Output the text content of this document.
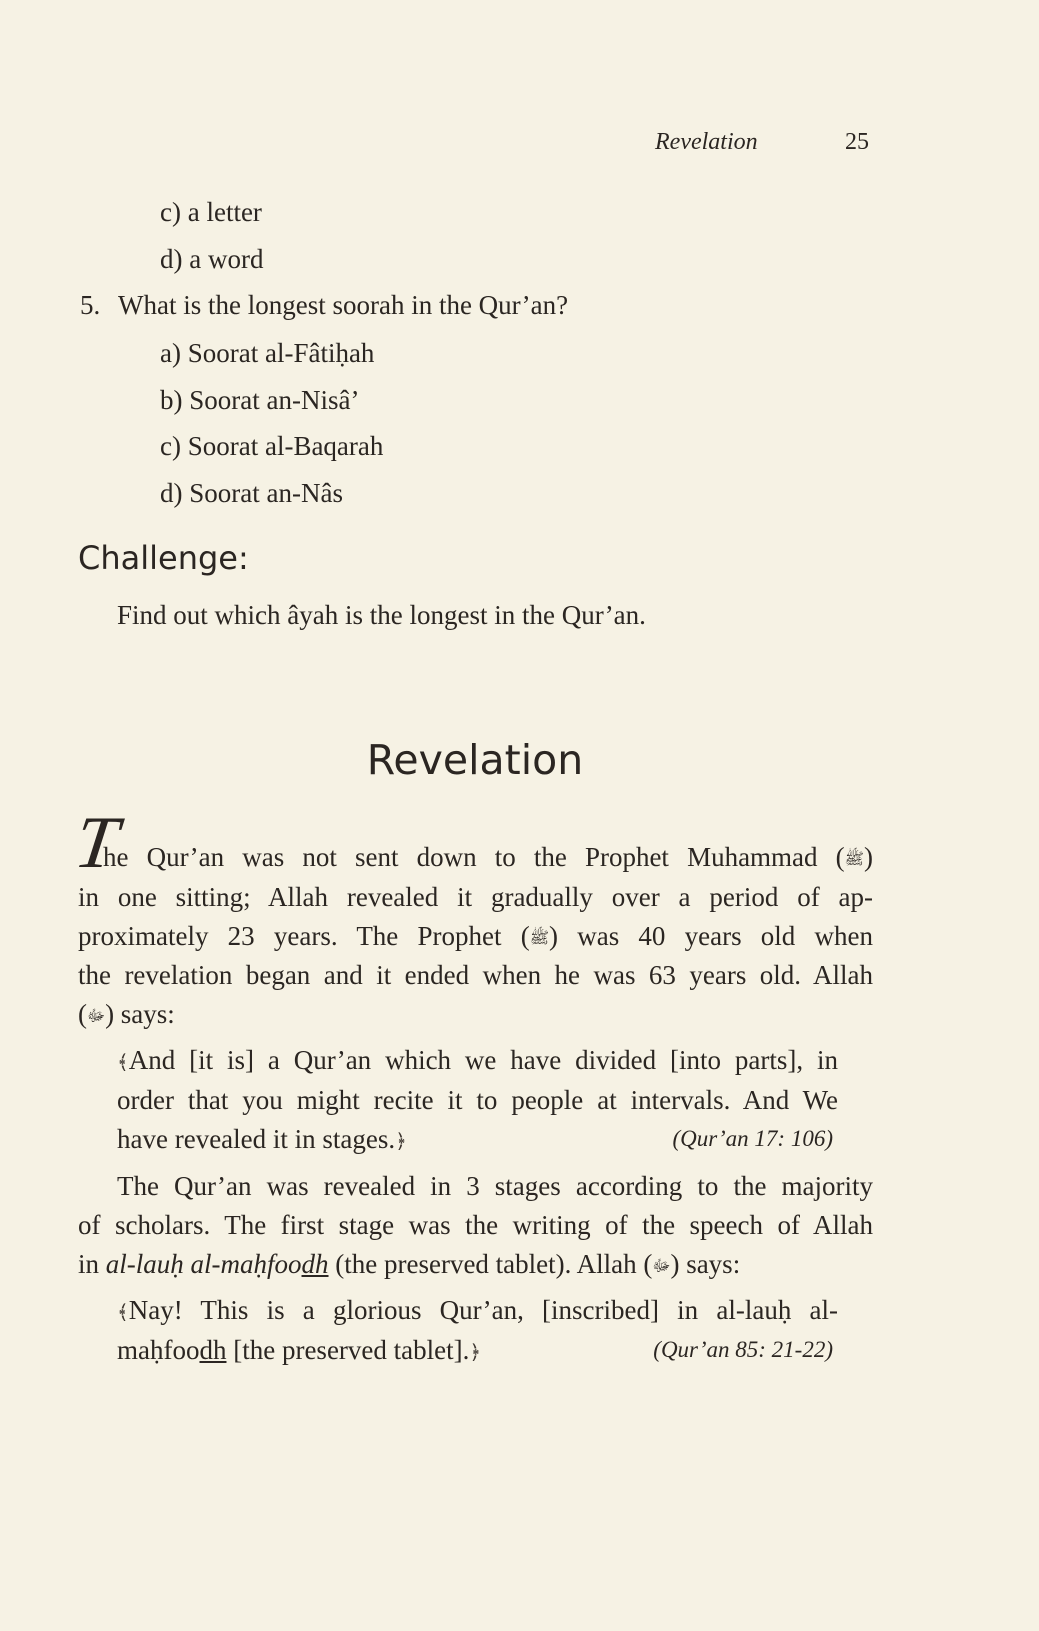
Revelation	25
c) a letter
d) a word
5. What is the longest soorah in the Qur’an?
a) Soorat al-Fâtiḥah
b) Soorat an-Nisâ’
c) Soorat al-Baqarah
d) Soorat an-Nâs
Challenge:
Find out which âyah is the longest in the Qur’an.
Revelation
T
he Qur’an was not sent down to the Prophet Muhammad (ﷺ)
in one sitting; Allah revealed it gradually over a period of ap-
proximately 23 years. The Prophet (ﷺ) was 40 years old when
the revelation began and it ended when he was 63 years old. Allah
(ﷻ) says:
﴾And [it is] a Qur’an which we have divided [into parts], in
order that you might recite it to people at intervals. And We
have revealed it in stages.﴿	(Qur’an 17: 106)
The Qur’an was revealed in 3 stages according to the majority
of scholars. The first stage was the writing of the speech of Allah
in al-lauḥ al-maḥfoodh (the preserved tablet). Allah (ﷻ) says:
﴾Nay! This is a glorious Qur’an, [inscribed] in al-lauḥ al-
maḥfoodh [the preserved tablet].﴿	(Qur’an 85: 21-22)
